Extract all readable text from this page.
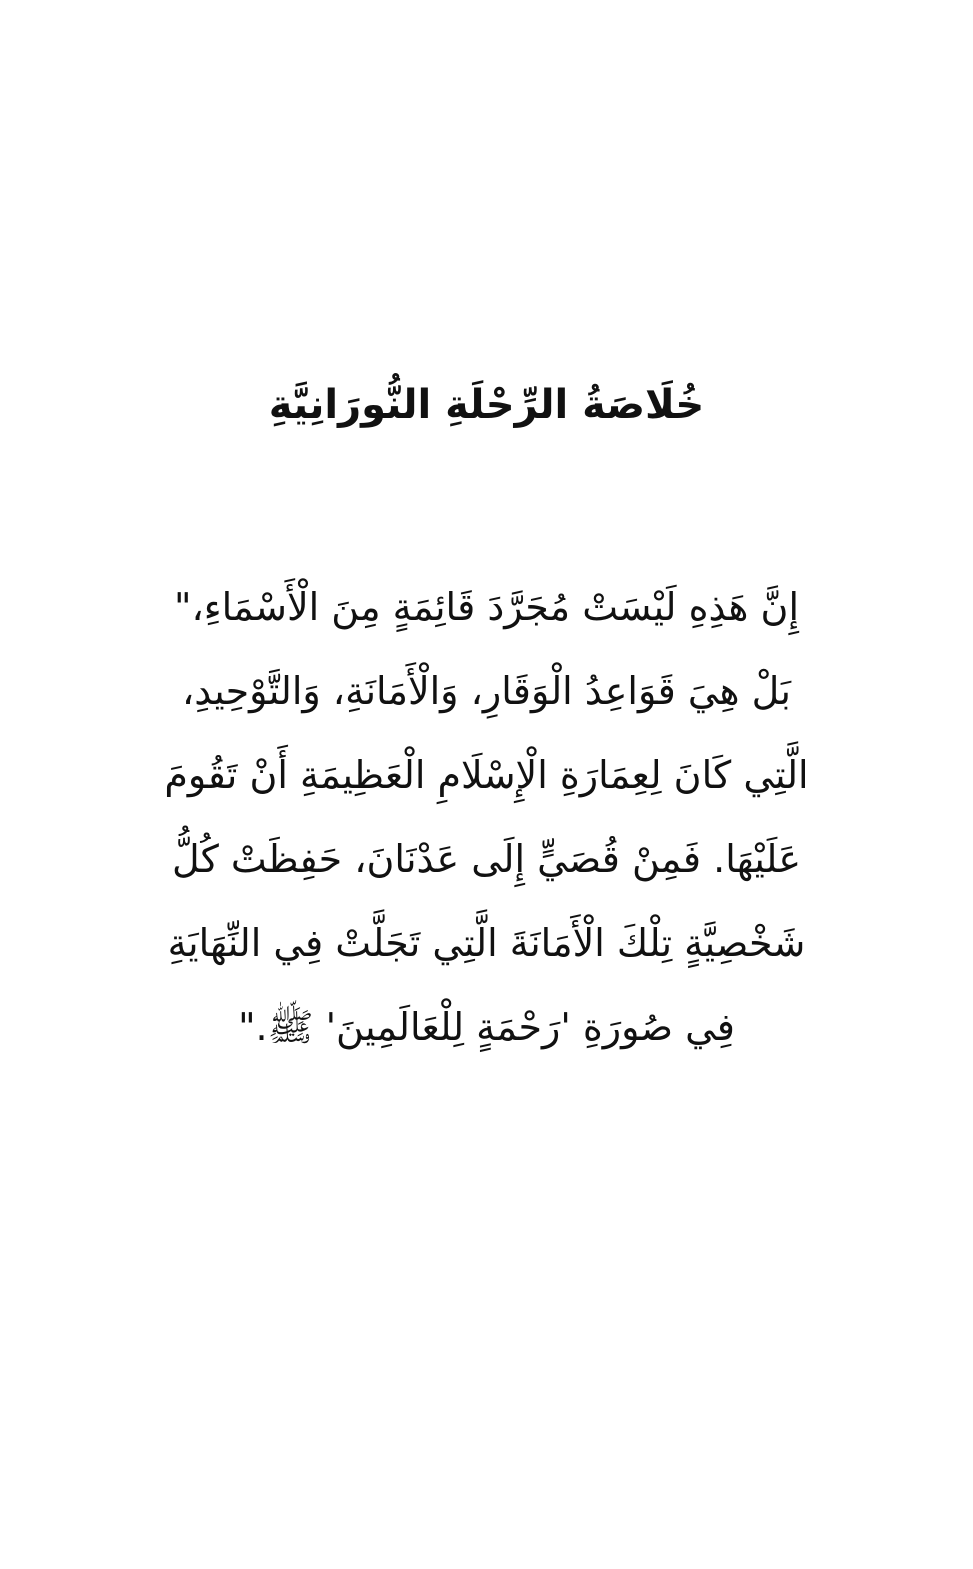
خُلَاصَةُ الرِّحْلَةِ النُّورَانِيَّةِ
إِنَّ هَذِهِ لَيْسَتْ مُجَرَّدَ قَائِمَةٍ مِنَ الْأَسْمَاءِ،"
بَلْ هِيَ قَوَاعِدُ الْوَقَارِ، وَالْأَمَانَةِ، وَالتَّوْحِيدِ،
الَّتِي كَانَ لِعِمَارَةِ الْإِسْلَامِ الْعَظِيمَةِ أَنْ تَقُومَ
عَلَيْهَا. فَمِنْ قُصَيٍّ إِلَى عَدْنَانَ، حَفِظَتْ كُلُّ
شَخْصِيَّةٍ تِلْكَ الْأَمَانَةَ الَّتِي تَجَلَّتْ فِي النِّهَايَةِ
فِي صُورَةِ 'رَحْمَةٍ لِلْعَالَمِينَ' ﷺ."
